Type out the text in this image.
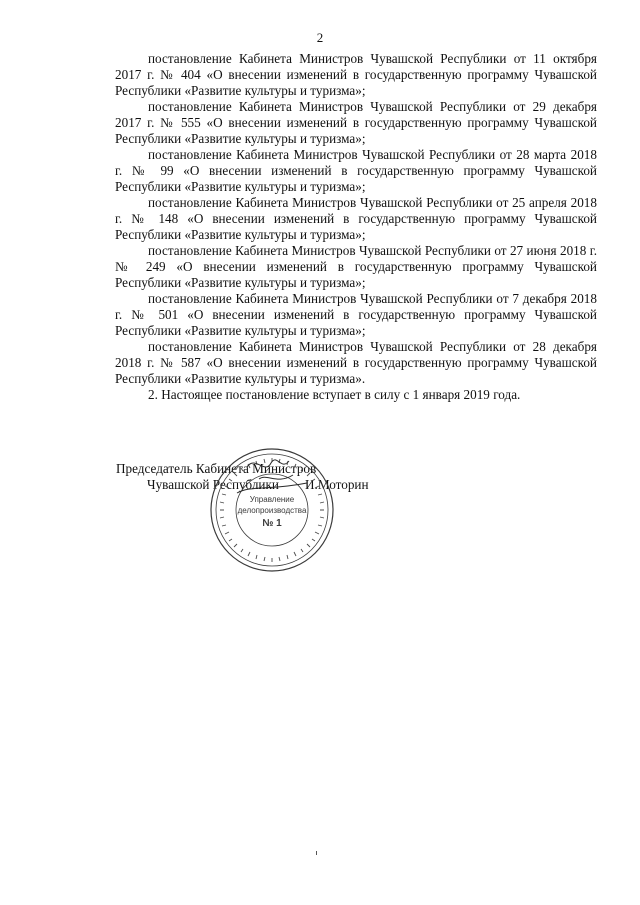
2

постановление Кабинета Министров Чувашской Республики от 11 октября 2017 г. № 404 «О внесении изменений в государственную программу Чувашской Республики «Развитие культуры и туризма»;

постановление Кабинета Министров Чувашской Республики от 29 декабря 2017 г. № 555 «О внесении изменений в государственную программу Чувашской Республики «Развитие культуры и туризма»;

постановление Кабинета Министров Чувашской Республики от 28 марта 2018 г. № 99 «О внесении изменений в государственную программу Чувашской Республики «Развитие культуры и туризма»;

постановление Кабинета Министров Чувашской Республики от 25 апреля 2018 г. № 148 «О внесении изменений в государственную программу Чувашской Республики «Развитие культуры и туризма»;

постановление Кабинета Министров Чувашской Республики от 27 июня 2018 г. № 249 «О внесении изменений в государственную программу Чувашской Республики «Развитие культуры и туризма»;

постановление Кабинета Министров Чувашской Республики от 7 декабря 2018 г. № 501 «О внесении изменений в государственную программу Чувашской Республики «Развитие культуры и туризма»;

постановление Кабинета Министров Чувашской Республики от 28 декабря 2018 г. № 587 «О внесении изменений в государственную программу Чувашской Республики «Развитие культуры и туризма».

2. Настоящее постановление вступает в силу с 1 января 2019 года.

Председатель Кабинета Министров
Чувашской Республики	И.Моторин
Управление
делопроизводства
№ 1
